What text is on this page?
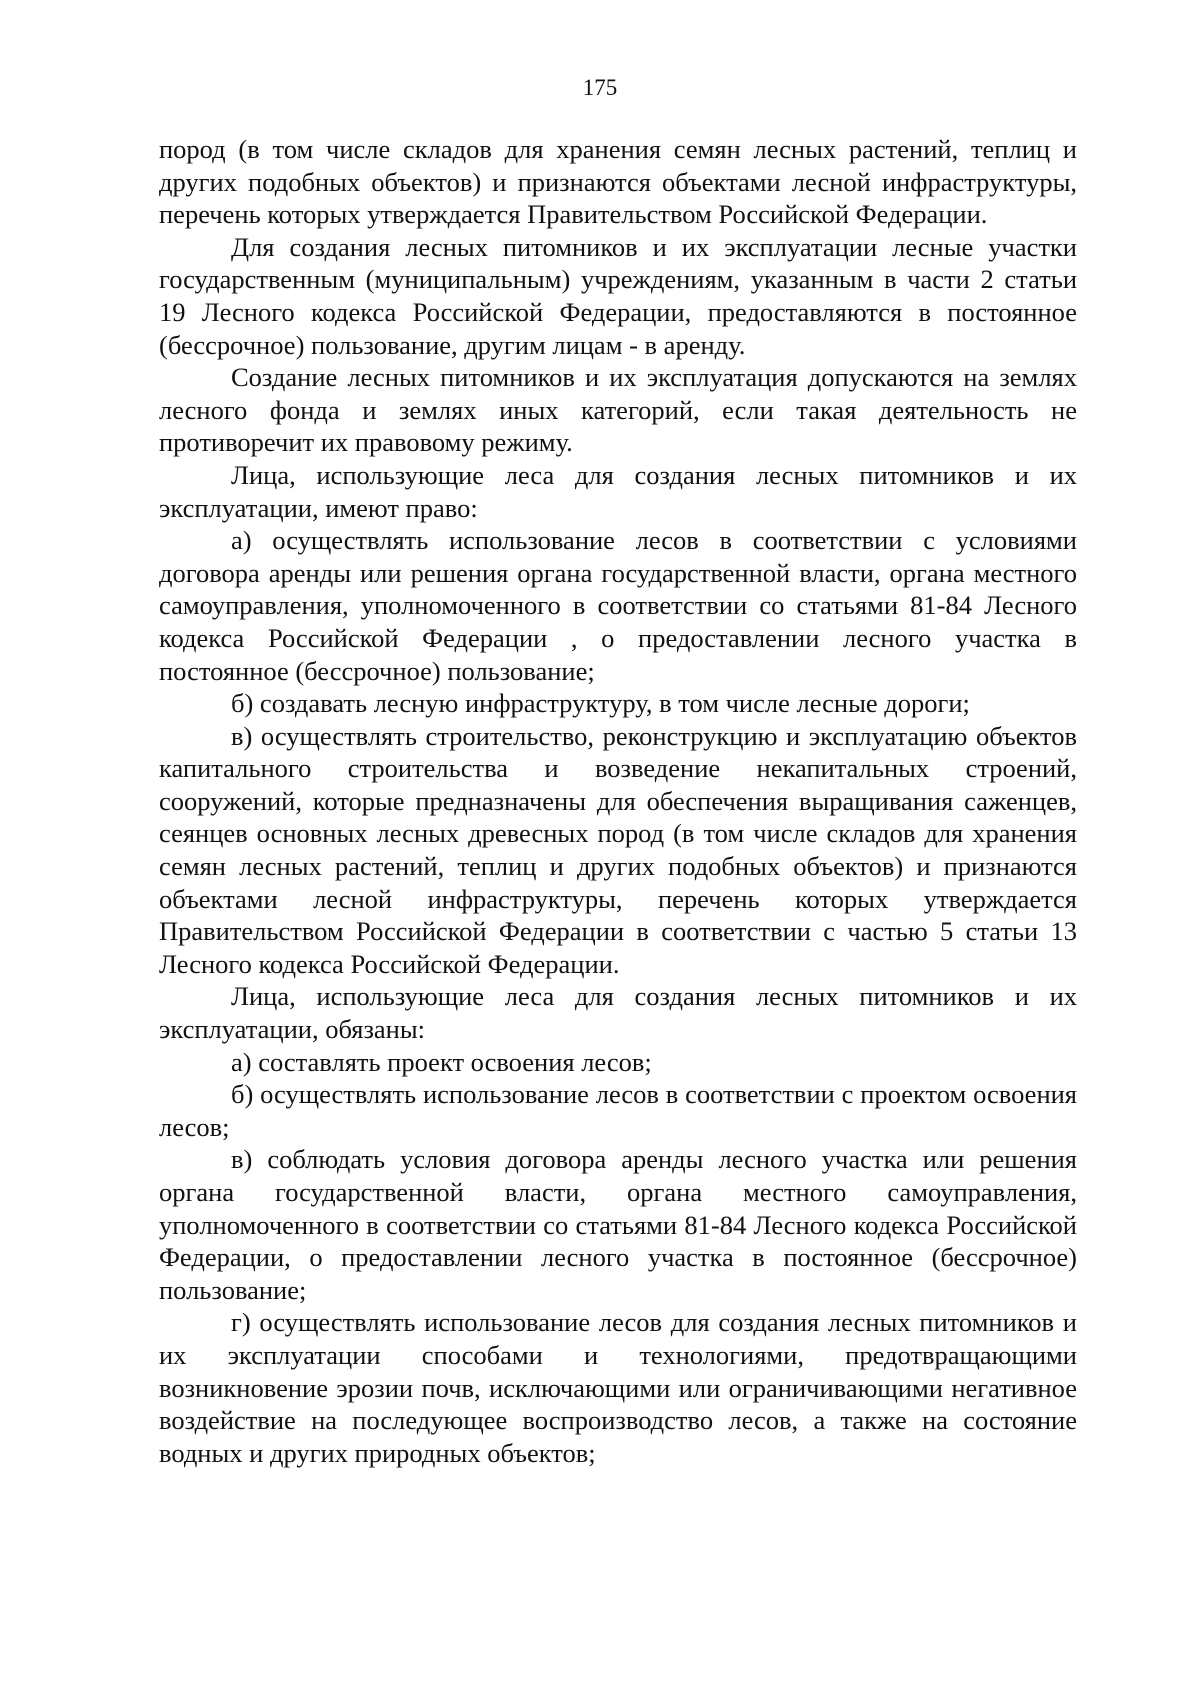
175

пород (в том числе складов для хранения семян лесных растений, теплиц и других подобных объектов) и признаются объектами лесной инфраструктуры, перечень которых утверждается Правительством Российской Федерации.

Для создания лесных питомников и их эксплуатации лесные участки государственным (муниципальным) учреждениям, указанным в части 2 статьи 19 Лесного кодекса Российской Федерации, предоставляются в постоянное (бессрочное) пользование, другим лицам - в аренду.

Создание лесных питомников и их эксплуатация допускаются на землях лесного фонда и землях иных категорий, если такая деятельность не противоречит их правовому режиму.

Лица, использующие леса для создания лесных питомников и их эксплуатации, имеют право:

а) осуществлять использование лесов в соответствии с условиями договора аренды или решения органа государственной власти, органа местного самоуправления, уполномоченного в соответствии со статьями 81-84 Лесного кодекса Российской Федерации , о предоставлении лесного участка в постоянное (бессрочное) пользование;

б) создавать лесную инфраструктуру, в том числе лесные дороги;

в) осуществлять строительство, реконструкцию и эксплуатацию объектов капитального строительства и возведение некапитальных строений, сооружений, которые предназначены для обеспечения выращивания саженцев, сеянцев основных лесных древесных пород (в том числе складов для хранения семян лесных растений, теплиц и других подобных объектов) и признаются объектами лесной инфраструктуры, перечень которых утверждается Правительством Российской Федерации в соответствии с частью 5 статьи 13 Лесного кодекса Российской Федерации.

Лица, использующие леса для создания лесных питомников и их эксплуатации, обязаны:

а) составлять проект освоения лесов;

б) осуществлять использование лесов в соответствии с проектом освоения лесов;

в) соблюдать условия договора аренды лесного участка или решения органа государственной власти, органа местного самоуправления, уполномоченного в соответствии со статьями 81-84 Лесного кодекса Российской Федерации, о предоставлении лесного участка в постоянное (бессрочное) пользование;

г) осуществлять использование лесов для создания лесных питомников и их эксплуатации способами и технологиями, предотвращающими возникновение эрозии почв, исключающими или ограничивающими негативное воздействие на последующее воспроизводство лесов, а также на состояние водных и других природных объектов;
